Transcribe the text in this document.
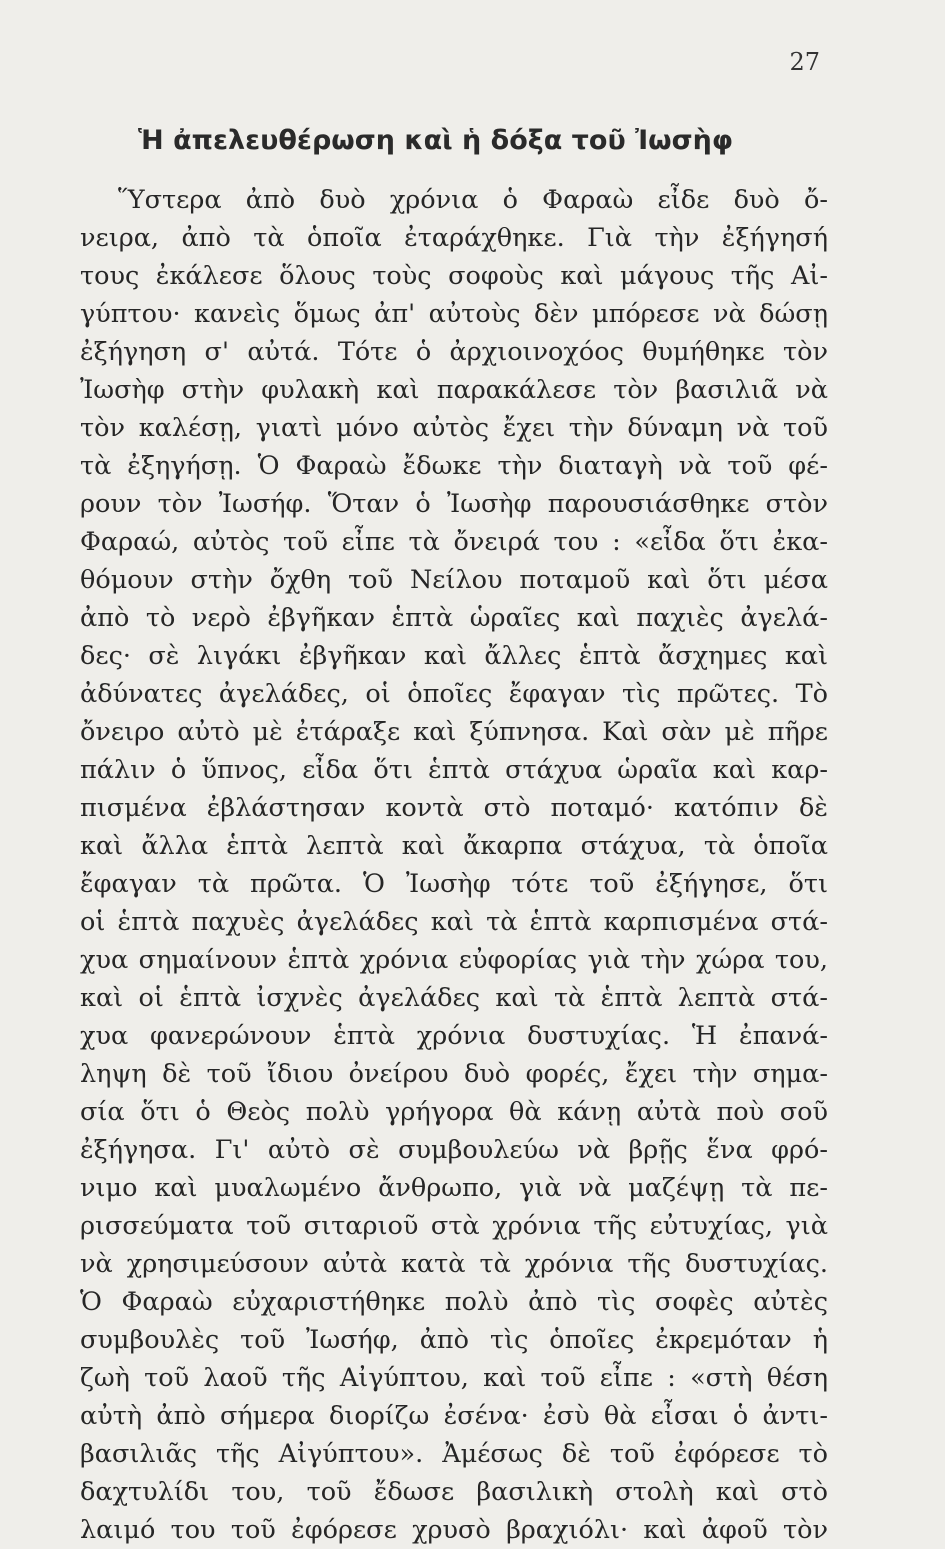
27
Ἡ ἀπελευθέρωση καὶ ἡ δόξα τοῦ Ἰωσὴφ
Ὕστερα ἀπὸ δυὸ χρόνια ὁ Φαραὼ εἶδε δυὸ ὄ-
νειρα, ἀπὸ τὰ ὁποῖα ἐταράχθηκε. Γιὰ τὴν ἐξήγησή
τους ἐκάλεσε ὅλους τοὺς σοφοὺς καὶ μάγους τῆς Αἰ-
γύπτου· κανεὶς ὅμως ἀπ' αὐτοὺς δὲν μπόρεσε νὰ δώσῃ
ἐξήγηση σ' αὐτά. Τότε ὁ ἀρχιοινοχόος θυμήθηκε τὸν
Ἰωσὴφ στὴν φυλακὴ καὶ παρακάλεσε τὸν βασιλιᾶ νὰ
τὸν καλέσῃ, γιατὶ μόνο αὐτὸς ἔχει τὴν δύναμη νὰ τοῦ
τὰ ἐξηγήσῃ. Ὁ Φαραὼ ἔδωκε τὴν διαταγὴ νὰ τοῦ φέ-
ρουν τὸν Ἰωσήφ. Ὅταν ὁ Ἰωσὴφ παρουσιάσθηκε στὸν
Φαραώ, αὐτὸς τοῦ εἶπε τὰ ὄνειρά του : «εἶδα ὅτι ἐκα-
θόμουν στὴν ὄχθη τοῦ Νείλου ποταμοῦ καὶ ὅτι μέσα
ἀπὸ τὸ νερὸ ἐβγῆκαν ἑπτὰ ὡραῖες καὶ παχιὲς ἀγελά-
δες· σὲ λιγάκι ἐβγῆκαν καὶ ἄλλες ἑπτὰ ἄσχημες καὶ
ἀδύνατες ἀγελάδες, οἱ ὁποῖες ἔφαγαν τὶς πρῶτες. Τὸ
ὄνειρο αὐτὸ μὲ ἐτάραξε καὶ ξύπνησα. Καὶ σὰν μὲ πῆρε
πάλιν ὁ ὕπνος, εἶδα ὅτι ἑπτὰ στάχυα ὡραῖα καὶ καρ-
πισμένα ἐβλάστησαν κοντὰ στὸ ποταμό· κατόπιν δὲ
καὶ ἄλλα ἑπτὰ λεπτὰ καὶ ἄκαρπα στάχυα, τὰ ὁποῖα
ἔφαγαν τὰ πρῶτα. Ὁ Ἰωσὴφ τότε τοῦ ἐξήγησε, ὅτι
οἱ ἑπτὰ παχυὲς ἀγελάδες καὶ τὰ ἑπτὰ καρπισμένα στά-
χυα σημαίνουν ἑπτὰ χρόνια εὐφορίας γιὰ τὴν χώρα του,
καὶ οἱ ἑπτὰ ἰσχνὲς ἀγελάδες καὶ τὰ ἑπτὰ λεπτὰ στά-
χυα φανερώνουν ἑπτὰ χρόνια δυστυχίας. Ἡ ἐπανά-
ληψη δὲ τοῦ ἴδιου ὀνείρου δυὸ φορές, ἔχει τὴν σημα-
σία ὅτι ὁ Θεὸς πολὺ γρήγορα θὰ κάνῃ αὐτὰ ποὺ σοῦ
ἐξήγησα. Γι' αὐτὸ σὲ συμβουλεύω νὰ βρῇς ἕνα φρό-
νιμο καὶ μυαλωμένο ἄνθρωπο, γιὰ νὰ μαζέψῃ τὰ πε-
ρισσεύματα τοῦ σιταριοῦ στὰ χρόνια τῆς εὐτυχίας, γιὰ
νὰ χρησιμεύσουν αὐτὰ κατὰ τὰ χρόνια τῆς δυστυχίας.
Ὁ Φαραὼ εὐχαριστήθηκε πολὺ ἀπὸ τὶς σοφὲς αὐτὲς
συμβουλὲς τοῦ Ἰωσήφ, ἀπὸ τὶς ὁποῖες ἐκρεμόταν ἡ
ζωὴ τοῦ λαοῦ τῆς Αἰγύπτου, καὶ τοῦ εἶπε : «στὴ θέση
αὐτὴ ἀπὸ σήμερα διορίζω ἐσένα· ἐσὺ θὰ εἶσαι ὁ ἀντι-
βασιλιᾶς τῆς Αἰγύπτου». Ἀμέσως δὲ τοῦ ἐφόρεσε τὸ
δαχτυλίδι του, τοῦ ἔδωσε βασιλικὴ στολὴ καὶ στὸ
λαιμό του τοῦ ἐφόρεσε χρυσὸ βραχιόλι· καὶ ἀφοῦ τὸν
